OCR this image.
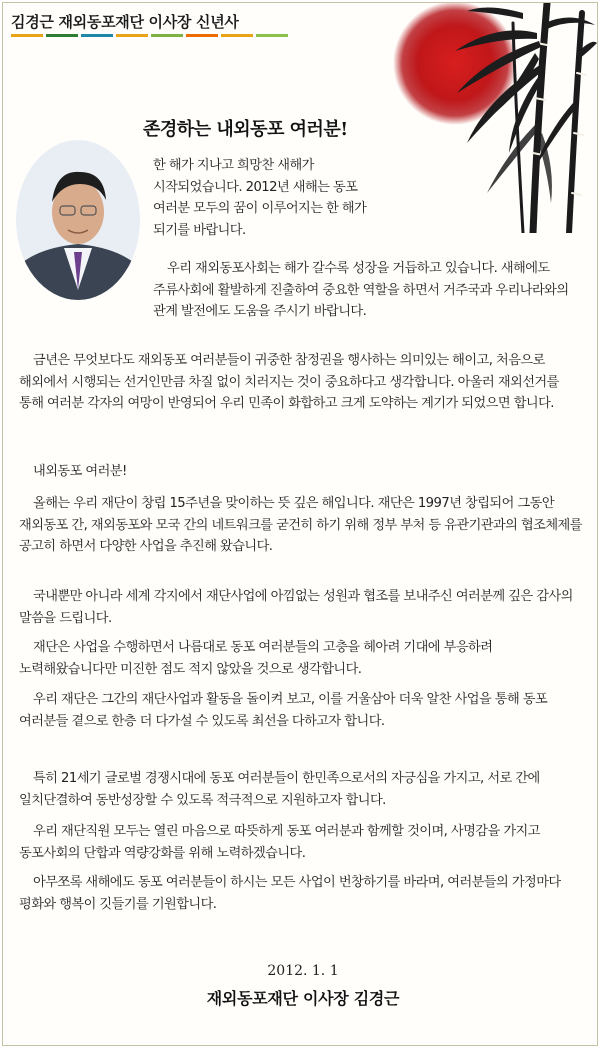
김경근 재외동포재단 이사장 신년사
존경하는 내외동포 여러분!

한 해가 지나고 희망찬 새해가 시작되었습니다. 2012년 새해는 동포 여러분 모두의 꿈이 이루어지는 한 해가 되기를 바랍니다.

우리 재외동포사회는 해가 갈수록 성장을 거듭하고 있습니다. 새해에도 주류사회에 활발하게 진출하여 중요한 역할을 하면서 거주국과 우리나라와의 관계 발전에도 도움을 주시기 바랍니다.

금년은 무엇보다도 재외동포 여러분들이 귀중한 참정권을 행사하는 의미있는 해이고, 처음으로 해외에서 시행되는 선거인만큼 차질 없이 치러지는 것이 중요하다고 생각합니다. 아울러 재외선거를 통해 여러분 각자의 여망이 반영되어 우리 민족이 화합하고 크게 도약하는 계기가 되었으면 합니다.

내외동포 여러분!

올해는 우리 재단이 창립 15주년을 맞이하는 뜻 깊은 해입니다. 재단은 1997년 창립되어 그동안 재외동포 간, 재외동포와 모국 간의 네트워크를 굳건히 하기 위해 정부 부처 등 유관기관과의 협조체제를 공고히 하면서 다양한 사업을 추진해 왔습니다.

국내뿐만 아니라 세계 각지에서 재단사업에 아낌없는 성원과 협조를 보내주신 여러분께 깊은 감사의 말씀을 드립니다.

재단은 사업을 수행하면서 나름대로 동포 여러분들의 고충을 헤아려 기대에 부응하려 노력해왔습니다만 미진한 점도 적지 않았을 것으로 생각합니다.

우리 재단은 그간의 재단사업과 활동을 돌이켜 보고, 이를 거울삼아 더욱 알찬 사업을 통해 동포 여러분들 곁으로 한층 더 다가설 수 있도록 최선을 다하고자 합니다.

특히 21세기 글로벌 경쟁시대에 동포 여러분들이 한민족으로서의 자긍심을 가지고, 서로 간에 일치단결하여 동반성장할 수 있도록 적극적으로 지원하고자 합니다.

우리 재단직원 모두는 열린 마음으로 따뜻하게 동포 여러분과 함께할 것이며, 사명감을 가지고 동포사회의 단합과 역량강화를 위해 노력하겠습니다.

아무쪼록 새해에도 동포 여러분들이 하시는 모든 사업이 번창하기를 바라며, 여러분들의 가정마다 평화와 행복이 깃들기를 기원합니다.

2012. 1. 1
재외동포재단 이사장 김경근
